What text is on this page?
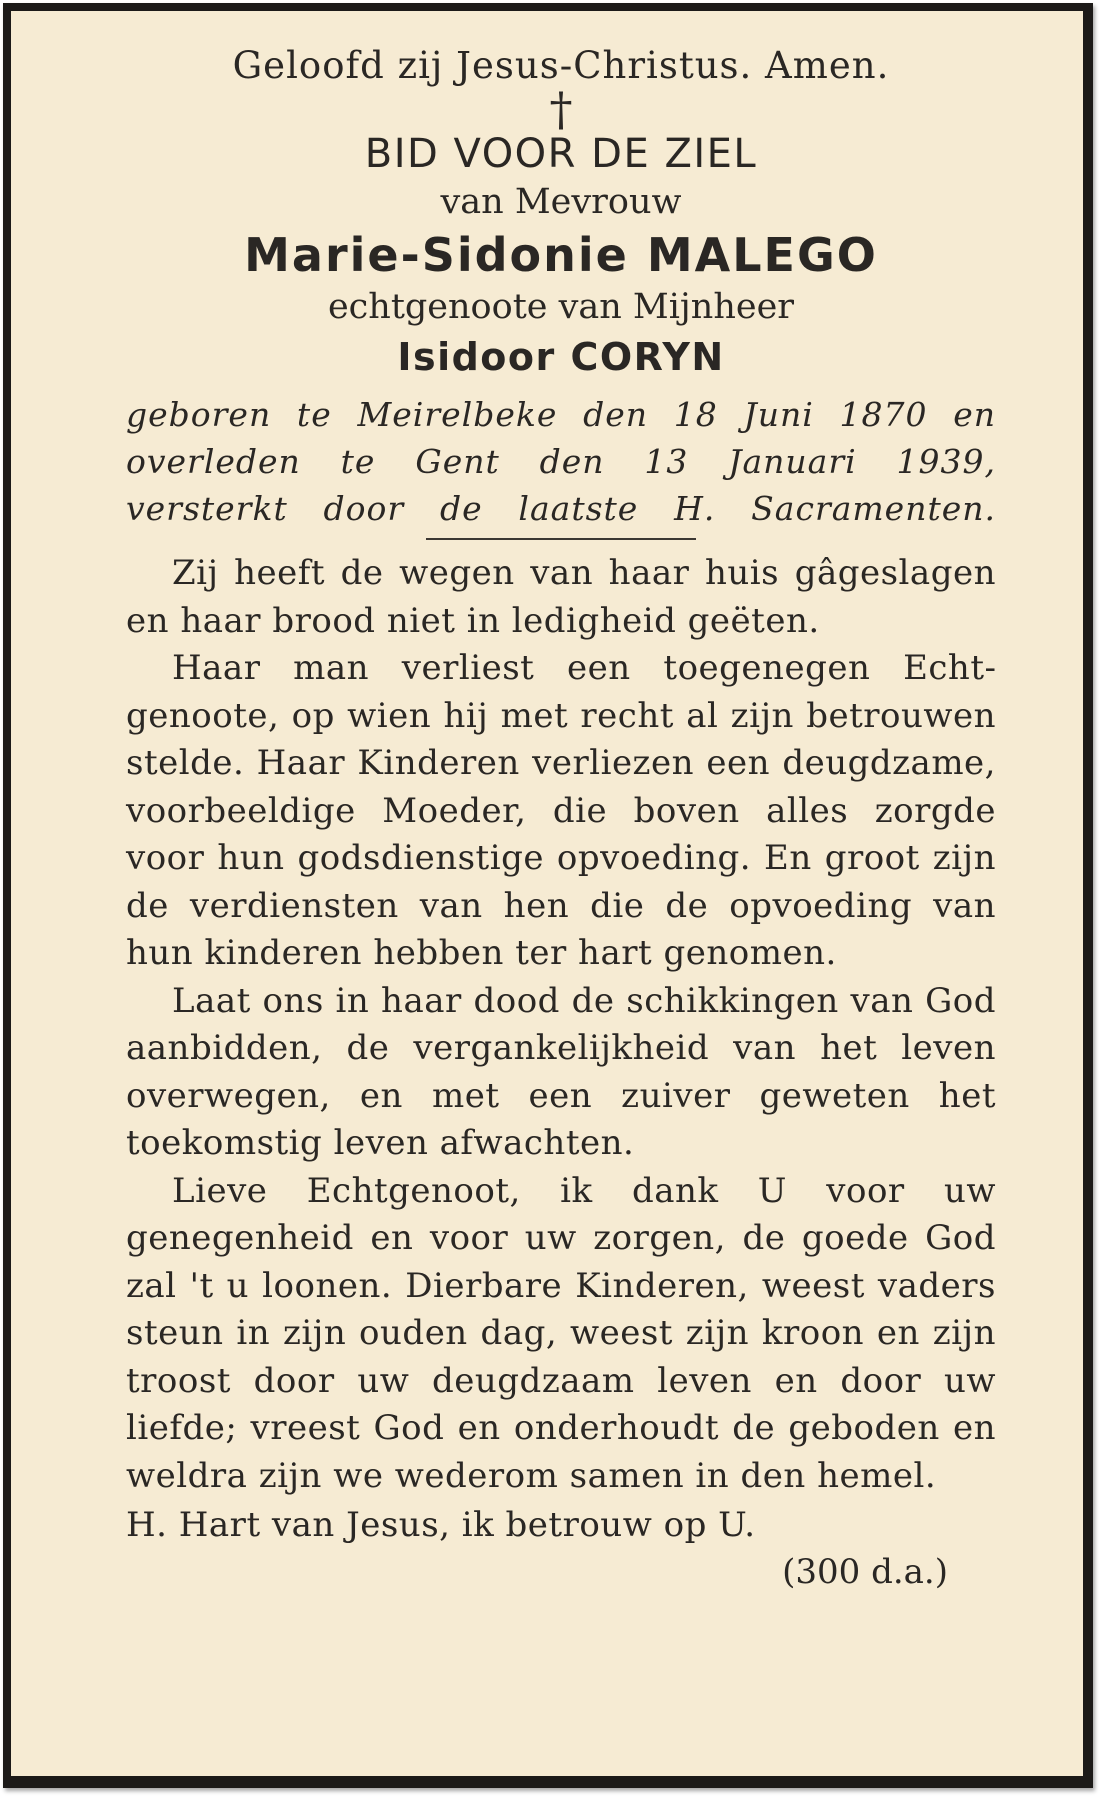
Geloofd zij Jesus-Christus. Amen.

†

BID VOOR DE ZIEL

van Mevrouw

Marie-Sidonie MALEGO

echtgenoote van Mijnheer

Isidoor CORYN

geboren te Meirelbeke den 18 Juni 1870 en

overleden te Gent den 13 Januari 1939,

versterkt door de laatste H. Sacramenten.

Zij heeft de wegen van haar huis gâgeslagen en haar brood niet in ledigheid geëten.

Haar man verliest een toegenegen Echtgenoote, op wien hij met recht al zijn betrouwen stelde. Haar Kinderen verliezen een deugdzame, voorbeeldige Moeder, die boven alles zorgde voor hun godsdienstige opvoeding. En groot zijn de verdiensten van hen die de opvoeding van hun kinderen hebben ter hart genomen.

Laat ons in haar dood de schikkingen van God aanbidden, de vergankelijkheid van het leven overwegen, en met een zuiver geweten het toekomstig leven afwachten.

Lieve Echtgenoot, ik dank U voor uw genegenheid en voor uw zorgen, de goede God zal 't u loonen. Dierbare Kinderen, weest vaders steun in zijn ouden dag, weest zijn kroon en zijn troost door uw deugdzaam leven en door uw liefde; vreest God en onderhoudt de geboden en weldra zijn we wederom samen in den hemel.

H. Hart van Jesus, ik betrouw op U.

(300 d.a.)
